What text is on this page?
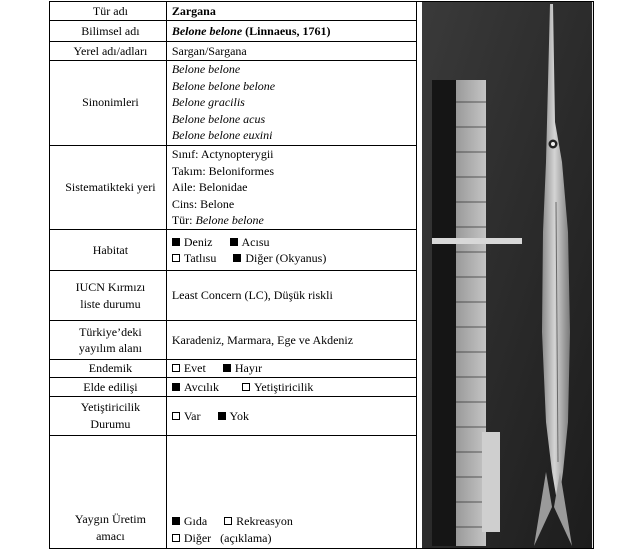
Tür adı	Zargana	

Bilimsel adı	Belone belone (Linnaeus, 1761)	
Yerel adı/adları	Sargan/Sargana	
Sinonimleri	Belone belone
Belone belone belone
Belone gracilis
Belone belone acus
Belone belone euxini	

Sistematikteki yeri	Sınıf: Actynopterygii
Takım: Beloniformes
Aile: Belonidae
Cins: Belone
Tür: Belone belone	

Habitat	Deniz Acısu
Tatlısu Diğer (Okyanus)	

IUCN Kırmızı
liste durumu	Least Concern (LC), Düşük riskli	

Türkiye’deki
yayılım alanı	Karadeniz, Marmara, Ege ve Akdeniz	
Endemik	Evet Hayır	
Elde edilişi	Avcılık Yetiştiricilik	

Yetiştiricilik
Durumu	Var Yok	

Yaygın Üretim
amacı	Gıda Rekreasyon
Diğer (açıklama)	
